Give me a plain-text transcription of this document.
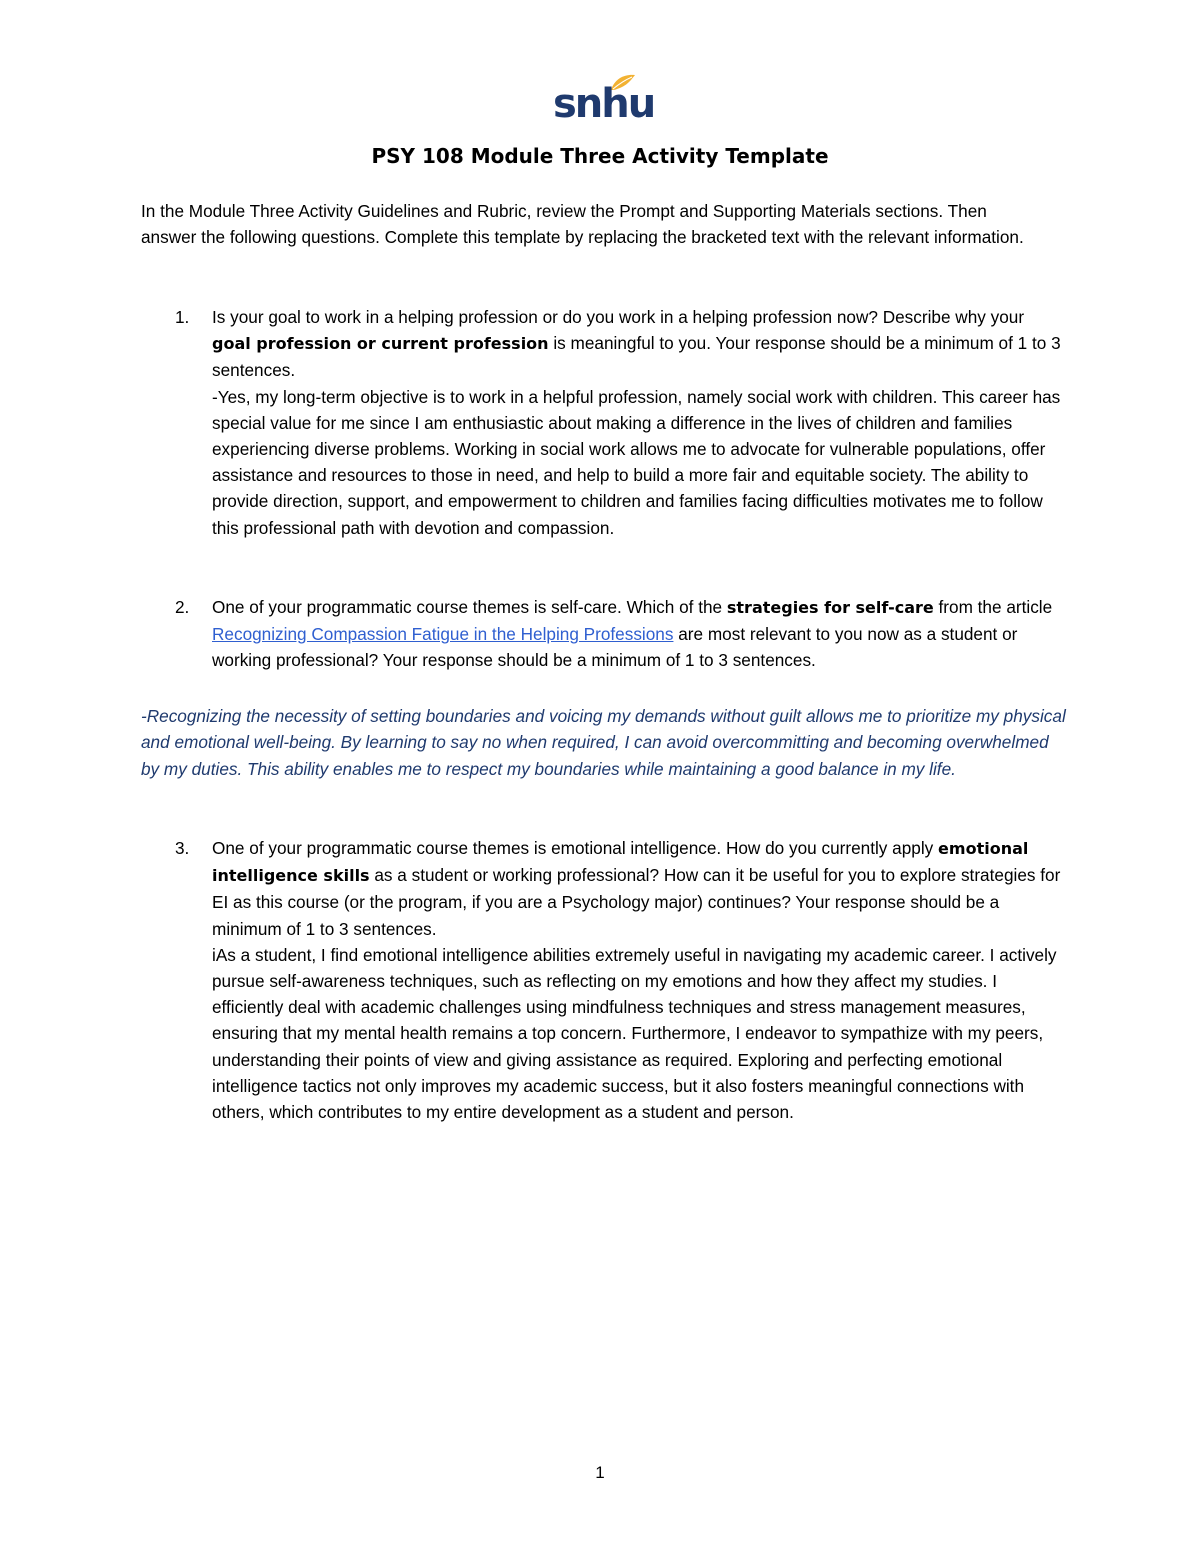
snhu
PSY 108 Module Three Activity Template

In the Module Three Activity Guidelines and Rubric, review the Prompt and Supporting Materials sections. Then answer the following questions. Complete this template by replacing the bracketed text with the relevant information.

1. Is your goal to work in a helping profession or do you work in a helping profession now? Describe why your goal profession or current profession is meaningful to you. Your response should be a minimum of 1 to 3 sentences.

-Yes, my long-term objective is to work in a helpful profession, namely social work with children. This career has special value for me since I am enthusiastic about making a difference in the lives of children and families experiencing diverse problems. Working in social work allows me to advocate for vulnerable populations, offer assistance and resources to those in need, and help to build a more fair and equitable society. The ability to provide direction, support, and empowerment to children and families facing difficulties motivates me to follow this professional path with devotion and compassion.

2. One of your programmatic course themes is self-care. Which of the strategies for self-care from the article Recognizing Compassion Fatigue in the Helping Professions are most relevant to you now as a student or working professional? Your response should be a minimum of 1 to 3 sentences.

-Recognizing the necessity of setting boundaries and voicing my demands without guilt allows me to prioritize my physical and emotional well-being. By learning to say no when required, I can avoid overcommitting and becoming overwhelmed by my duties. This ability enables me to respect my boundaries while maintaining a good balance in my life.

3. One of your programmatic course themes is emotional intelligence. How do you currently apply emotional intelligence skills as a student or working professional? How can it be useful for you to explore strategies for EI as this course (or the program, if you are a Psychology major) continues? Your response should be a minimum of 1 to 3 sentences.

iAs a student, I find emotional intelligence abilities extremely useful in navigating my academic career. I actively pursue self-awareness techniques, such as reflecting on my emotions and how they affect my studies. I efficiently deal with academic challenges using mindfulness techniques and stress management measures, ensuring that my mental health remains a top concern. Furthermore, I endeavor to sympathize with my peers, understanding their points of view and giving assistance as required. Exploring and perfecting emotional intelligence tactics not only improves my academic success, but it also fosters meaningful connections with others, which contributes to my entire development as a student and person.

1
